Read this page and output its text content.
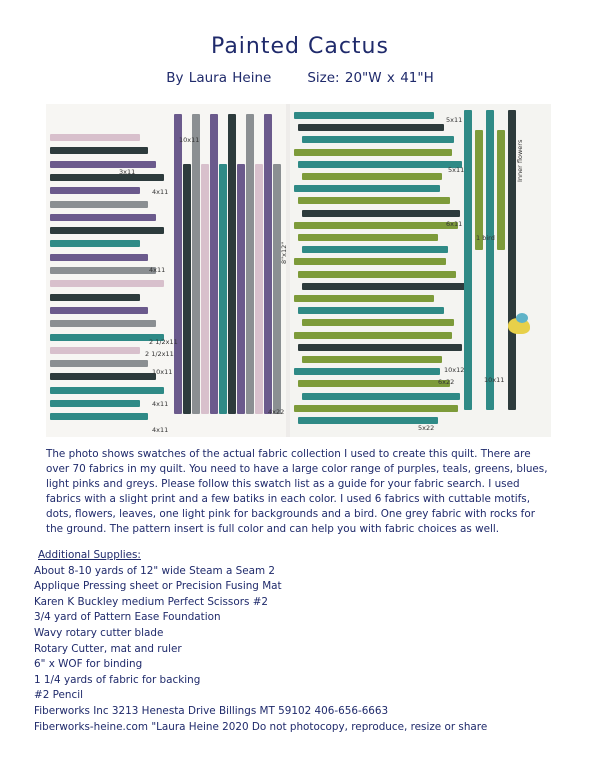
Painted Cactus
By Laura Heine	Size: 20"W x 41"H
10x11
3x11
4x11
4x11
2 1/2x11
2 1/2x11
4x11
4x11
10x11
8"x12"
5x11
5x11
6x11
1 bird
10x12
6x22
4x22
5x22
10x11
Inner flowers

The photo shows swatches of the actual fabric collection I used to create this quilt. There are over 70 fabrics in my quilt. You need to have a large color range of purples, teals, greens, blues, light pinks and greys. Please follow this swatch list as a guide for your fabric search. I used fabrics with a slight print and a few batiks in each color. I used 6 fabrics with cuttable motifs, dots, flowers, leaves, one light pink for backgrounds and a bird. One grey fabric with rocks for the ground. The pattern insert is full color and can help you with fabric choices as well.

Additional Supplies:
About 8-10 yards of 12" wide Steam a Seam 2
Applique Pressing sheet or Precision Fusing Mat
Karen K Buckley medium Perfect Scissors #2
3/4 yard of Pattern Ease Foundation
Wavy rotary cutter blade
Rotary Cutter, mat and ruler
6" x WOF for binding
1 1/4 yards of fabric for backing
#2 Pencil
Fiberworks Inc 3213 Henesta Drive Billings MT 59102 406-656-6663
Fiberworks-heine.com "Laura Heine 2020 Do not photocopy, reproduce, resize or share
